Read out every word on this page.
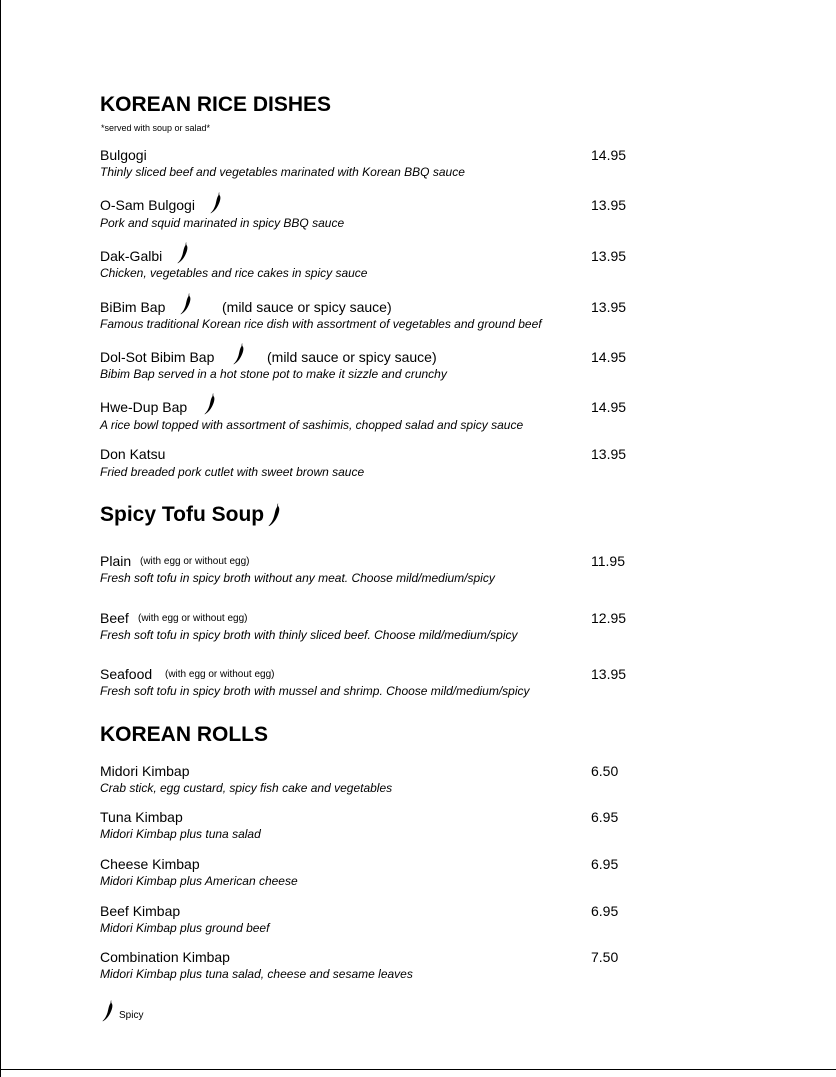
KOREAN RICE DISHES
*served with soup or salad*
Bulgogi
Thinly sliced beef and vegetables marinated with Korean BBQ sauce
14.95
O-Sam Bulgogi
Pork and squid marinated in spicy BBQ sauce
13.95
Dak-Galbi
Chicken, vegetables and rice cakes in spicy sauce
13.95
BiBim Bap	(mild sauce or spicy sauce)
Famous traditional Korean rice dish with assortment of vegetables and ground beef
13.95
Dol-Sot Bibim Bap	(mild sauce or spicy sauce)
Bibim Bap served in a hot stone pot to make it sizzle and crunchy
14.95
Hwe-Dup Bap
A rice bowl topped with assortment of sashimis, chopped salad and spicy sauce
14.95
Don Katsu
Fried breaded pork cutlet with sweet brown sauce
13.95
Spicy Tofu Soup
Plain (with egg or without egg)
Fresh soft tofu in spicy broth without any meat. Choose mild/medium/spicy
11.95
Beef (with egg or without egg)
Fresh soft tofu in spicy broth with thinly sliced beef. Choose mild/medium/spicy
12.95
Seafood (with egg or without egg)
Fresh soft tofu in spicy broth with mussel and shrimp. Choose mild/medium/spicy
13.95
KOREAN ROLLS
Midori Kimbap
Crab stick, egg custard, spicy fish cake and vegetables
6.50
Tuna Kimbap
Midori Kimbap plus tuna salad
6.95
Cheese Kimbap
Midori Kimbap plus American cheese
6.95
Beef Kimbap
Midori Kimbap plus ground beef
6.95
Combination Kimbap
Midori Kimbap plus tuna salad, cheese and sesame leaves
7.50
Spicy
